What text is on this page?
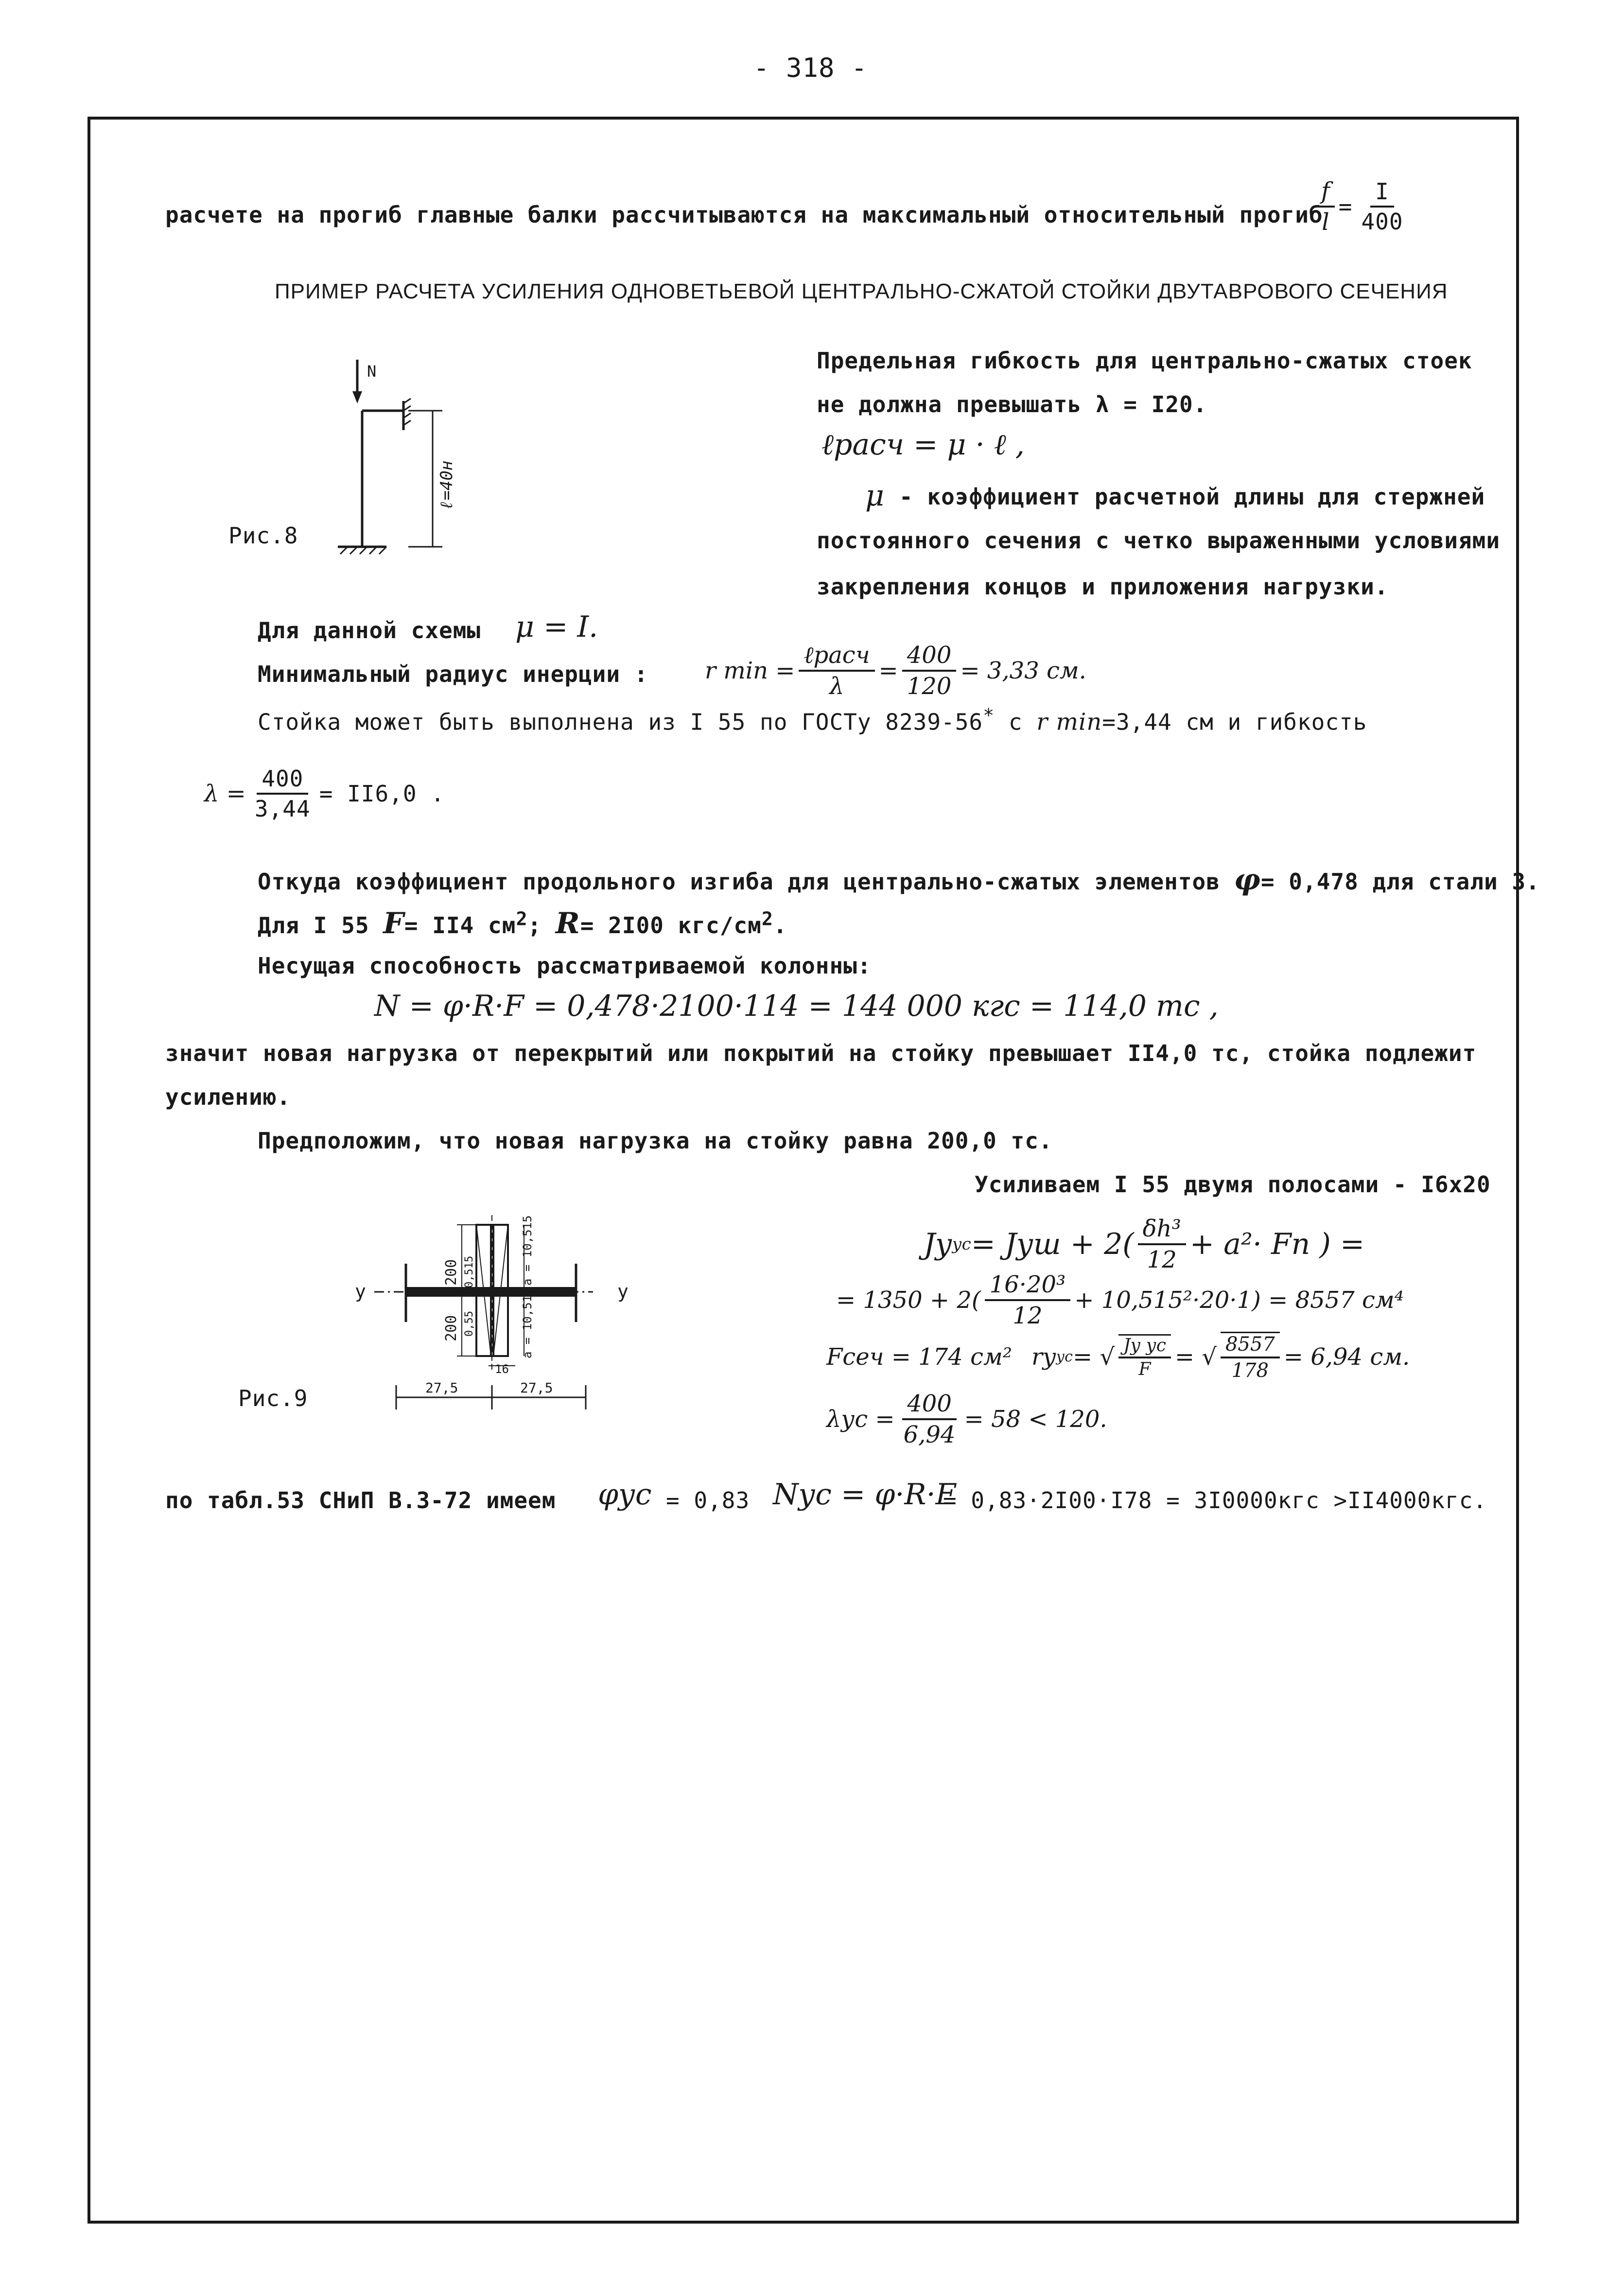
- 318 -
расчете на прогиб главные балки рассчитываются на максимальный относительный прогиб
$\frac{f}{l} = \frac{I}{400}$
ПРИМЕР РАСЧЕТА УСИЛЕНИЯ ОДНОВЕТЬЕВОЙ ЦЕНТРАЛЬНО-СЖАТОЙ СТОЙКИ ДВУТАВРОВОГО СЕЧЕНИЯ
N
ℓ=40н
Рис.8
Предельная гибкость для центрально-сжатых стоек
не должна превышать λ = I20.
ℓрасч = μ · ℓ ,
μ - коэффициент расчетной длины для стержней
постоянного сечения с четко выраженными условиями
закрепления концов и приложения нагрузки.
Для данной схемы μ = I.
Минимальный радиус инерции : r $\min = \frac{\text{ℓрасч}}{\lambda} = \frac{400}{120} = 3,33$ см.
Стойка может быть выполнена из I 55 по ГОСТу 8239-56* с r min=3,44 см и гибкость
$\lambda = \frac{400}{3,44} = II6,0$ .
Откуда коэффициент продольного изгиба для центрально-сжатых элементов φ= 0,478 для стали 3.
Для I 55 F= II4 $см^2$; R= 2I00 кгс/$см^2$.
Несущая способность рассматриваемой колонны:
N = φ·R·F = 0,478·2100·114 = 144 000 кгс = 114,0 тс ,
значит новая нагрузка от перекрытий или покрытий на стойку превышает II4,0 тс, стойка подлежит
усилению.
Предположим, что новая нагрузка на стойку равна 200,0 тс.
Усиливаем I 55 двумя полосами - I6х20
у	у
200
200
0,515
0,55
а = 10,515
а = 10,515
16
27,5	27,5
Рис.9
Jу ус = Jуш + $2( \frac{\text{δh³}}{12} + a^2\cdot$ Fп ) =
= $1350 + 2( \frac{\text{16·20³}}{12} + 10,515^2\cdot 20\cdot 1) = 8557$ см⁴
Fсеч = 174 см² rу ус = √ $\frac{\text{Jу ус}}{F}$ = √ $\frac{8557}{178} = 6,94$ см.
$\lambda ус = \frac{400}{6,94} = 58 < 120$.
по табл.53 СНиП В.3-72 имеем φус = 0,83 Nус = φ·R·F
= 0,83·2I00·I78 = 3I0000кгс >II4000кгс.
